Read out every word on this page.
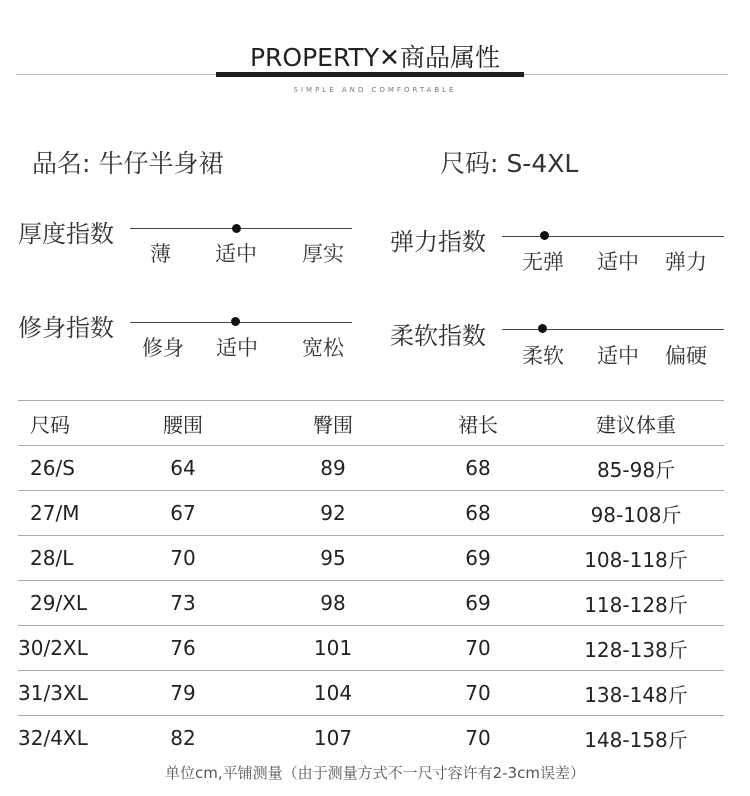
PROPERTY✕商品属性
SIMPLE AND COMFORTABLE
品名: 牛仔半身裙	尺码: S-4XL
厚度指数
薄 适中 厚实 弹力指数
无弹 适中 弹力
修身指数
修身 适中 宽松 柔软指数
柔软 适中 偏硬
尺码	腰围	臀围	裙长	建议体重
26/S	64	89	68	85-98斤
27/M	67	92	68	98-108斤
28/L	70	95	69	108-118斤
29/XL	73	98	69	118-128斤
30/2XL	76	101	70	128-138斤
31/3XL	79	104	70	138-148斤
32/4XL	82	107	70	148-158斤
单位cm,平铺测量（由于测量方式不一尺寸容许有2-3cm误差）
